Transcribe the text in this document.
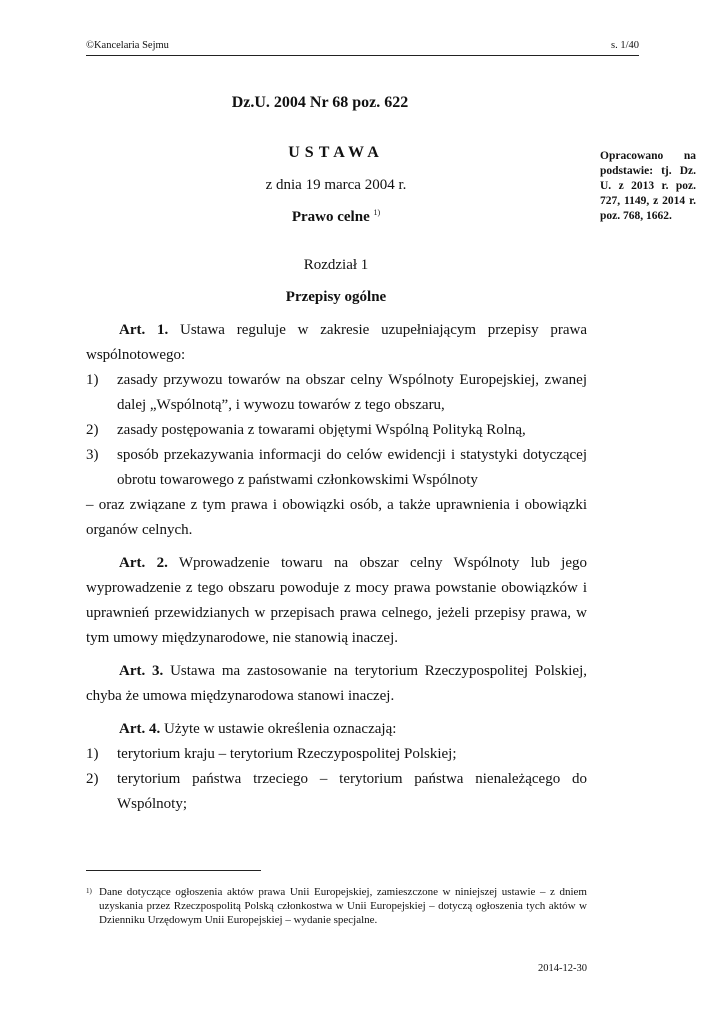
©Kancelaria Sejmu	s. 1/40
Dz.U. 2004 Nr 68 poz. 622
Opracowano na podstawie: tj. Dz. U. z 2013 r. poz. 727, 1149, z 2014 r. poz. 768, 1662.
USTAWA
z dnia 19 marca 2004 r.
Prawo celne $^{1)}$
Rozdział 1
Przepisy ogólne

Art. 1. Ustawa reguluje w zakresie uzupełniającym przepisy prawa wspólnotowego:

1)	zasady przywozu towarów na obszar celny Wspólnoty Europejskiej, zwanej dalej „Wspólnotą”, i wywozu towarów z tego obszaru,
2)	zasady postępowania z towarami objętymi Wspólną Polityką Rolną,
3)	sposób przekazywania informacji do celów ewidencji i statystyki dotyczącej obrotu towarowego z państwami członkowskimi Wspólnoty

– oraz związane z tym prawa i obowiązki osób, a także uprawnienia i obowiązki organów celnych.

Art. 2. Wprowadzenie towaru na obszar celny Wspólnoty lub jego wyprowadzenie z tego obszaru powoduje z mocy prawa powstanie obowiązków i uprawnień przewidzianych w przepisach prawa celnego, jeżeli przepisy prawa, w tym umowy międzynarodowe, nie stanowią inaczej.

Art. 3. Ustawa ma zastosowanie na terytorium Rzeczypospolitej Polskiej, chyba że umowa międzynarodowa stanowi inaczej.

Art. 4. Użyte w ustawie określenia oznaczają:

1)	terytorium kraju – terytorium Rzeczypospolitej Polskiej;
2)	terytorium państwa trzeciego – terytorium państwa nienależącego do Wspólnoty;
1) Dane dotyczące ogłoszenia aktów prawa Unii Europejskiej, zamieszczone w niniejszej ustawie – z dniem uzyskania przez Rzeczpospolitą Polską członkostwa w Unii Europejskiej – dotyczą ogłoszenia tych aktów w Dzienniku Urzędowym Unii Europejskiej – wydanie specjalne.
2014-12-30
